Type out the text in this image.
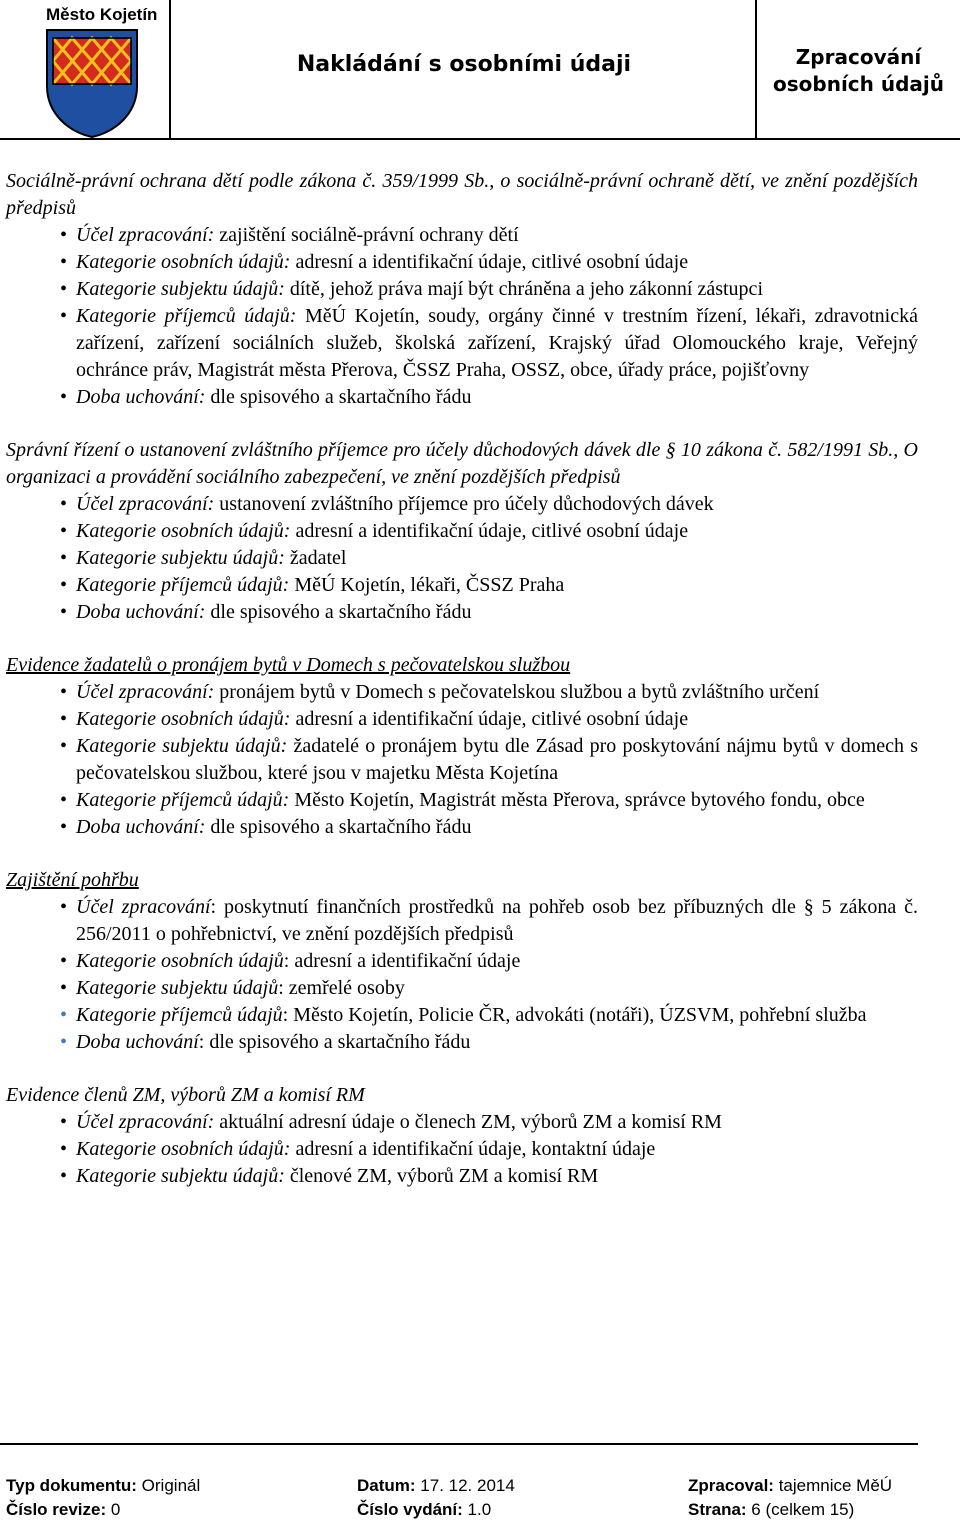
Město Kojetín
Nakládání s osobními údaji	Zpracování
osobních údajů
Sociálně-právní ochrana dětí podle zákona č. 359/1999 Sb., o sociálně-právní ochraně dětí, ve znění pozdějších předpisů
• Účel zpracování: zajištění sociálně-právní ochrany dětí
• Kategorie osobních údajů: adresní a identifikační údaje, citlivé osobní údaje
• Kategorie subjektu údajů: dítě, jehož práva mají být chráněna a jeho zákonní zástupci
• Kategorie příjemců údajů: MěÚ Kojetín, soudy, orgány činné v trestním řízení, lékaři, zdravotnická zařízení, zařízení sociálních služeb, školská zařízení, Krajský úřad Olomouckého kraje, Veřejný ochránce práv, Magistrát města Přerova, ČSSZ Praha, OSSZ, obce, úřady práce, pojišťovny
• Doba uchování: dle spisového a skartačního řádu
Správní řízení o ustanovení zvláštního příjemce pro účely důchodových dávek dle § 10 zákona č. 582/1991 Sb., O organizaci a provádění sociálního zabezpečení, ve znění pozdějších předpisů
• Účel zpracování: ustanovení zvláštního příjemce pro účely důchodových dávek
• Kategorie osobních údajů: adresní a identifikační údaje, citlivé osobní údaje
• Kategorie subjektu údajů: žadatel
• Kategorie příjemců údajů: MěÚ Kojetín, lékaři, ČSSZ Praha
• Doba uchování: dle spisového a skartačního řádu
Evidence žadatelů o pronájem bytů v Domech s pečovatelskou službou
• Účel zpracování: pronájem bytů v Domech s pečovatelskou službou a bytů zvláštního určení
• Kategorie osobních údajů: adresní a identifikační údaje, citlivé osobní údaje
• Kategorie subjektu údajů: žadatelé o pronájem bytu dle Zásad pro poskytování nájmu bytů v domech s pečovatelskou službou, které jsou v majetku Města Kojetína
• Kategorie příjemců údajů: Město Kojetín, Magistrát města Přerova, správce bytového fondu, obce
• Doba uchování: dle spisového a skartačního řádu
Zajištění pohřbu
• Účel zpracování: poskytnutí finančních prostředků na pohřeb osob bez příbuzných dle § 5 zákona č. 256/2011 o pohřebnictví, ve znění pozdějších předpisů
• Kategorie osobních údajů: adresní a identifikační údaje
• Kategorie subjektu údajů: zemřelé osoby
• Kategorie příjemců údajů: Město Kojetín, Policie ČR, advokáti (notáři), ÚZSVM, pohřební služba
• Doba uchování: dle spisového a skartačního řádu
Evidence členů ZM, výborů ZM a komisí RM
• Účel zpracování: aktuální adresní údaje o členech ZM, výborů ZM a komisí RM
• Kategorie osobních údajů: adresní a identifikační údaje, kontaktní údaje
• Kategorie subjektu údajů: členové ZM, výborů ZM a komisí RM
Typ dokumentu: Originál	Datum: 17. 12. 2014	Zpracoval: tajemnice MěÚ
Číslo revize: 0	Číslo vydání: 1.0	Strana: 6 (celkem 15)
